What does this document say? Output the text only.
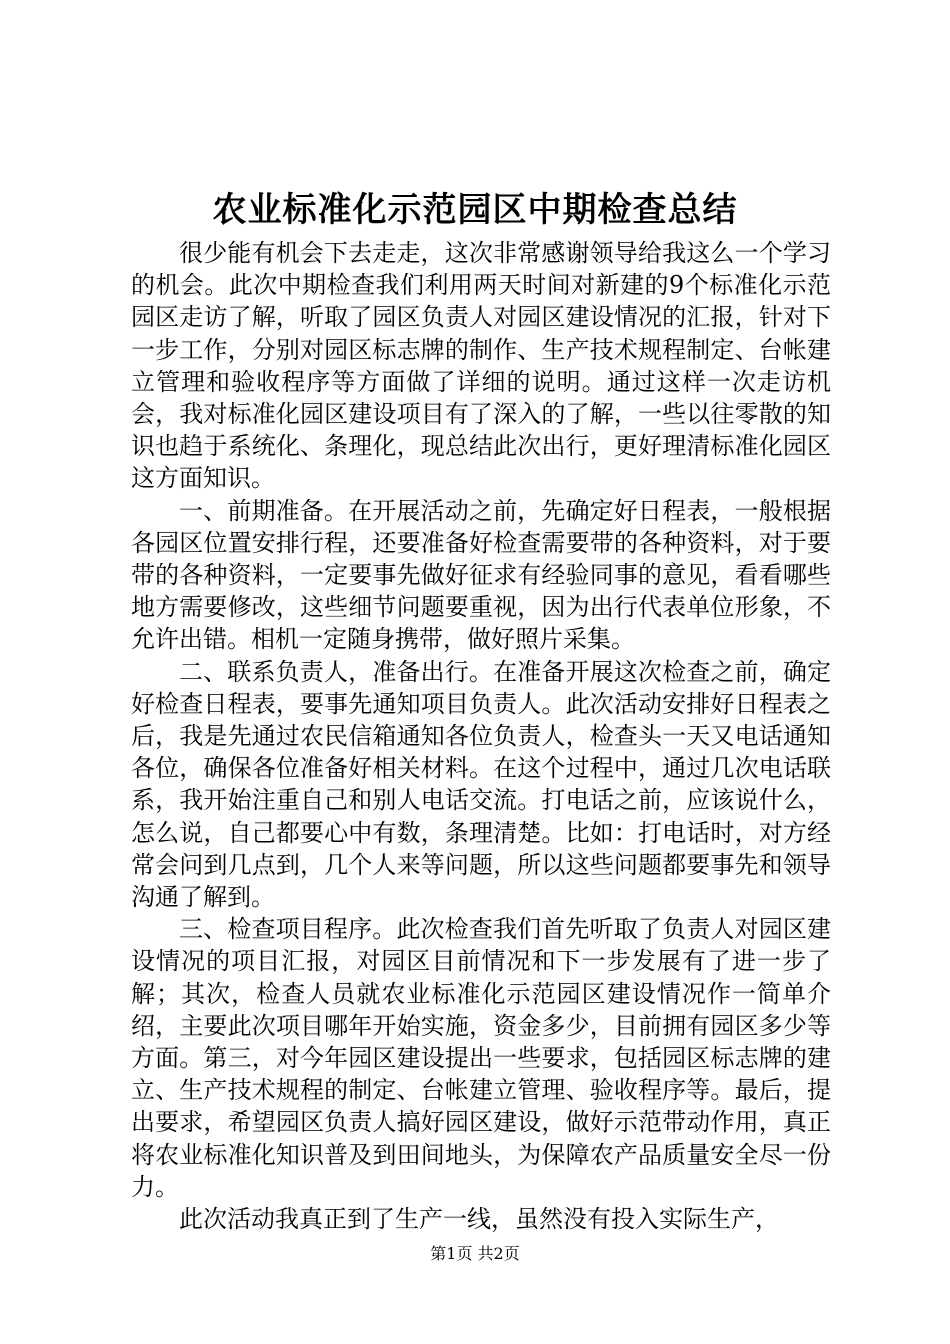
农业标准化示范园区中期检查总结

很少能有机会下去走走，这次非常感谢领导给我这么一个学习的机会。此次中期检查我们利用两天时间对新建的9个标准化示范园区走访了解，听取了园区负责人对园区建设情况的汇报，针对下一步工作，分别对园区标志牌的制作、生产技术规程制定、台帐建立管理和验收程序等方面做了详细的说明。通过这样一次走访机会，我对标准化园区建设项目有了深入的了解，一些以往零散的知识也趋于系统化、条理化，现总结此次出行，更好理清标准化园区这方面知识。

一、前期准备。在开展活动之前，先确定好日程表，一般根据各园区位置安排行程，还要准备好检查需要带的各种资料，对于要带的各种资料，一定要事先做好征求有经验同事的意见，看看哪些地方需要修改，这些细节问题要重视，因为出行代表单位形象，不允许出错。相机一定随身携带，做好照片采集。

二、联系负责人，准备出行。在准备开展这次检查之前，确定好检查日程表，要事先通知项目负责人。此次活动安排好日程表之后，我是先通过农民信箱通知各位负责人，检查头一天又电话通知各位，确保各位准备好相关材料。在这个过程中，通过几次电话联系，我开始注重自己和别人电话交流。打电话之前，应该说什么，怎么说，自己都要心中有数，条理清楚。比如：打电话时，对方经常会问到几点到，几个人来等问题，所以这些问题都要事先和领导沟通了解到。

三、检查项目程序。此次检查我们首先听取了负责人对园区建设情况的项目汇报，对园区目前情况和下一步发展有了进一步了解；其次，检查人员就农业标准化示范园区建设情况作一简单介绍，主要此次项目哪年开始实施，资金多少，目前拥有园区多少等方面。第三，对今年园区建设提出一些要求，包括园区标志牌的建立、生产技术规程的制定、台帐建立管理、验收程序等。最后，提出要求，希望园区负责人搞好园区建设，做好示范带动作用，真正将农业标准化知识普及到田间地头，为保障农产品质量安全尽一份力。

此次活动我真正到了生产一线，虽然没有投入实际生产，

第1页 共2页
